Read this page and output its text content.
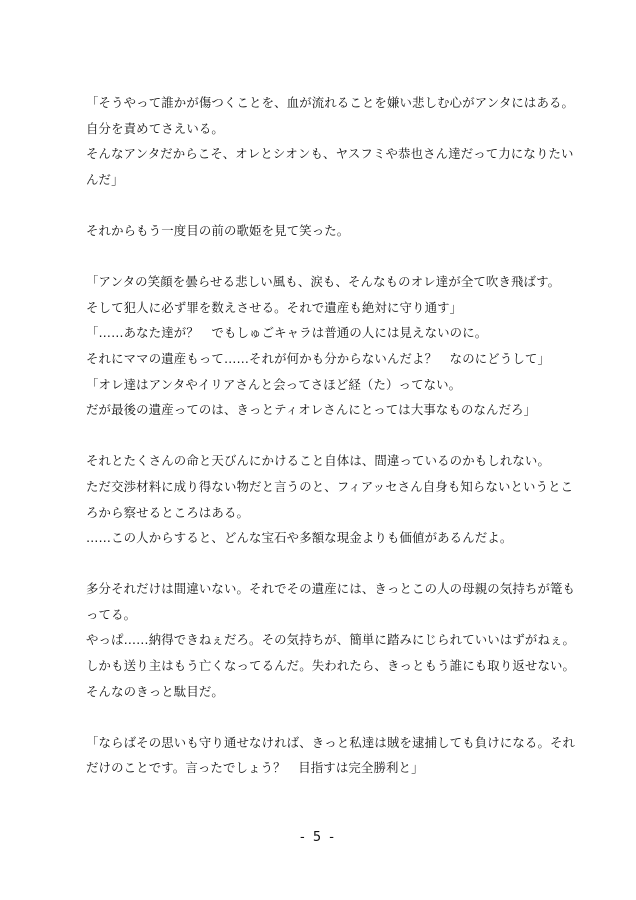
「そうやって誰かが傷つくことを、血が流れることを嫌い悲しむ心がアンタにはある。
自分を責めてさえいる。
そんなアンタだからこそ、オレとシオンも、ヤスフミや恭也さん達だって力になりたい
んだ」
それからもう一度目の前の歌姫を見て笑った。
「アンタの笑顔を曇らせる悲しい風も、涙も、そんなものオレ達が全て吹き飛ばす。
そして犯人に必ず罪を数えさせる。それで遺産も絶対に守り通す」
「……あなた達が？　でもしゅごキャラは普通の人には見えないのに。
それにママの遺産もって……それが何かも分からないんだよ？　なのにどうして」
「オレ達はアンタやイリアさんと会ってさほど経（た）ってない。
だが最後の遺産ってのは、きっとティオレさんにとっては大事なものなんだろ」
それとたくさんの命と天びんにかけること自体は、間違っているのかもしれない。
ただ交渉材料に成り得ない物だと言うのと、フィアッセさん自身も知らないというとこ
ろから察せるところはある。
……この人からすると、どんな宝石や多額な現金よりも価値があるんだよ。
多分それだけは間違いない。それでその遺産には、きっとこの人の母親の気持ちが篭も
ってる。
やっぱ……納得できねぇだろ。その気持ちが、簡単に踏みにじられていいはずがねぇ。
しかも送り主はもう亡くなってるんだ。失われたら、きっともう誰にも取り返せない。
そんなのきっと駄目だ。
「ならばその思いも守り通せなければ、きっと私達は賊を逮捕しても負けになる。それ
だけのことです。言ったでしょう？　目指すは完全勝利と」
- 5 -
